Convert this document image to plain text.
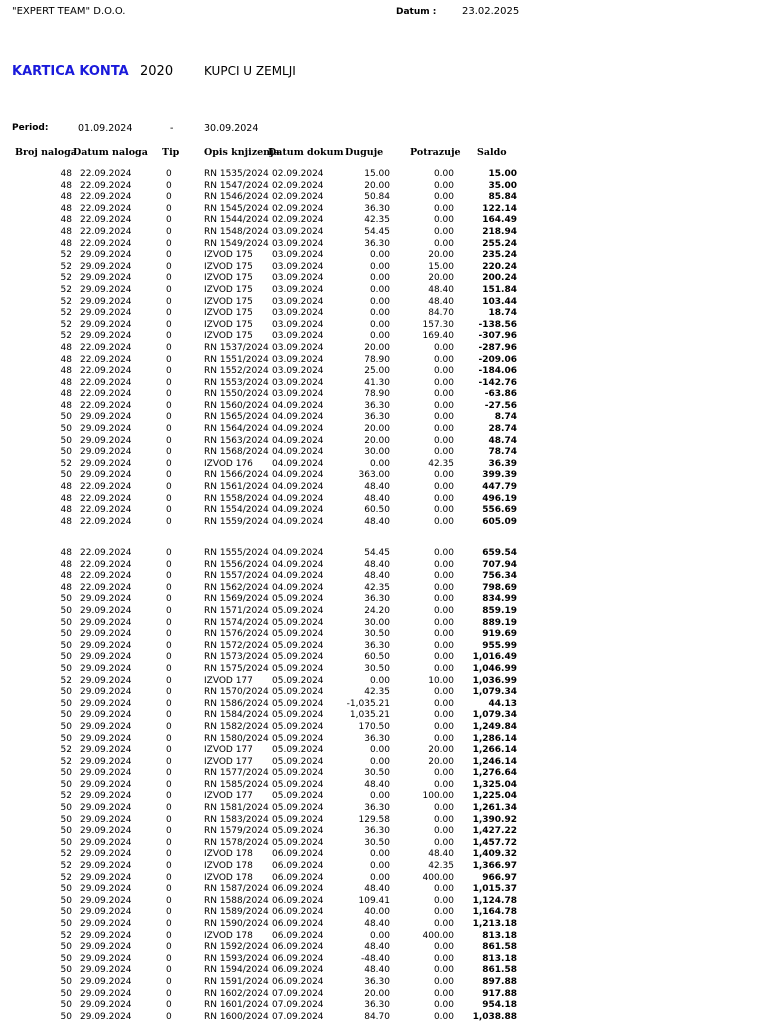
"EXPERT TEAM" D.O.O.	Datum :	23.02.2025
KARTICA KONTA 2020	KUPCI U ZEMLJI
Period:	01.09.2024	-	30.09.2024
Broj naloga
Datum naloga Tip	Opis knjizenja
Datum dokum Duguje	Potrazuje Saldo
48 22.09.2024	0	RN 1535/2024 02.09.2024	15.00	0.00	15.00
48 22.09.2024	0	RN 1547/2024 02.09.2024	20.00	0.00	35.00
48 22.09.2024	0	RN 1546/2024 02.09.2024	50.84	0.00	85.84
48 22.09.2024	0	RN 1545/2024 02.09.2024	36.30	0.00	122.14
48 22.09.2024	0	RN 1544/2024 02.09.2024	42.35	0.00	164.49
48 22.09.2024	0	RN 1548/2024 03.09.2024	54.45	0.00	218.94
48 22.09.2024	0	RN 1549/2024 03.09.2024	36.30	0.00	255.24
52 29.09.2024	0	IZVOD 175	03.09.2024	0.00	20.00	235.24
52 29.09.2024	0	IZVOD 175	03.09.2024	0.00	15.00	220.24
52 29.09.2024	0	IZVOD 175	03.09.2024	0.00	20.00	200.24
52 29.09.2024	0	IZVOD 175	03.09.2024	0.00	48.40	151.84
52 29.09.2024	0	IZVOD 175	03.09.2024	0.00	48.40	103.44
52 29.09.2024	0	IZVOD 175	03.09.2024	0.00	84.70	18.74
52 29.09.2024	0	IZVOD 175	03.09.2024	0.00	157.30	-138.56
52 29.09.2024	0	IZVOD 175	03.09.2024	0.00	169.40	-307.96
48 22.09.2024	0	RN 1537/2024 03.09.2024	20.00	0.00	-287.96
48 22.09.2024	0	RN 1551/2024 03.09.2024	78.90	0.00	-209.06
48 22.09.2024	0	RN 1552/2024 03.09.2024	25.00	0.00	-184.06
48 22.09.2024	0	RN 1553/2024 03.09.2024	41.30	0.00	-142.76
48 22.09.2024	0	RN 1550/2024 03.09.2024	78.90	0.00	-63.86
48 22.09.2024	0	RN 1560/2024 04.09.2024	36.30	0.00	-27.56
50 29.09.2024	0	RN 1565/2024 04.09.2024	36.30	0.00	8.74
50 29.09.2024	0	RN 1564/2024 04.09.2024	20.00	0.00	28.74
50 29.09.2024	0	RN 1563/2024 04.09.2024	20.00	0.00	48.74
50 29.09.2024	0	RN 1568/2024 04.09.2024	30.00	0.00	78.74
52 29.09.2024	0	IZVOD 176	04.09.2024	0.00	42.35	36.39
50 29.09.2024	0	RN 1566/2024 04.09.2024	363.00	0.00	399.39
48 22.09.2024	0	RN 1561/2024 04.09.2024	48.40	0.00	447.79
48 22.09.2024	0	RN 1558/2024 04.09.2024	48.40	0.00	496.19
48 22.09.2024	0	RN 1554/2024 04.09.2024	60.50	0.00	556.69
48 22.09.2024	0	RN 1559/2024 04.09.2024	48.40	0.00	605.09
48 22.09.2024	0	RN 1555/2024 04.09.2024	54.45	0.00	659.54
48 22.09.2024	0	RN 1556/2024 04.09.2024	48.40	0.00	707.94
48 22.09.2024	0	RN 1557/2024 04.09.2024	48.40	0.00	756.34
48 22.09.2024	0	RN 1562/2024 04.09.2024	42.35	0.00	798.69
50 29.09.2024	0	RN 1569/2024 05.09.2024	36.30	0.00	834.99
50 29.09.2024	0	RN 1571/2024 05.09.2024	24.20	0.00	859.19
50 29.09.2024	0	RN 1574/2024 05.09.2024	30.00	0.00	889.19
50 29.09.2024	0	RN 1576/2024 05.09.2024	30.50	0.00	919.69
50 29.09.2024	0	RN 1572/2024 05.09.2024	36.30	0.00	955.99
50 29.09.2024	0	RN 1573/2024 05.09.2024	60.50	0.00	1,016.49
50 29.09.2024	0	RN 1575/2024 05.09.2024	30.50	0.00	1,046.99
52 29.09.2024	0	IZVOD 177	05.09.2024	0.00	10.00	1,036.99
50 29.09.2024	0	RN 1570/2024 05.09.2024	42.35	0.00	1,079.34
50 29.09.2024	0	RN 1586/2024 05.09.2024	-1,035.21	0.00	44.13
50 29.09.2024	0	RN 1584/2024 05.09.2024	1,035.21	0.00	1,079.34
50 29.09.2024	0	RN 1582/2024 05.09.2024	170.50	0.00	1,249.84
50 29.09.2024	0	RN 1580/2024 05.09.2024	36.30	0.00	1,286.14
52 29.09.2024	0	IZVOD 177	05.09.2024	0.00	20.00	1,266.14
52 29.09.2024	0	IZVOD 177	05.09.2024	0.00	20.00	1,246.14
50 29.09.2024	0	RN 1577/2024 05.09.2024	30.50	0.00	1,276.64
50 29.09.2024	0	RN 1585/2024 05.09.2024	48.40	0.00	1,325.04
52 29.09.2024	0	IZVOD 177	05.09.2024	0.00	100.00	1,225.04
50 29.09.2024	0	RN 1581/2024 05.09.2024	36.30	0.00	1,261.34
50 29.09.2024	0	RN 1583/2024 05.09.2024	129.58	0.00	1,390.92
50 29.09.2024	0	RN 1579/2024 05.09.2024	36.30	0.00	1,427.22
50 29.09.2024	0	RN 1578/2024 05.09.2024	30.50	0.00	1,457.72
52 29.09.2024	0	IZVOD 178	06.09.2024	0.00	48.40	1,409.32
52 29.09.2024	0	IZVOD 178	06.09.2024	0.00	42.35	1,366.97
52 29.09.2024	0	IZVOD 178	06.09.2024	0.00	400.00	966.97
50 29.09.2024	0	RN 1587/2024 06.09.2024	48.40	0.00	1,015.37
50 29.09.2024	0	RN 1588/2024 06.09.2024	109.41	0.00	1,124.78
50 29.09.2024	0	RN 1589/2024 06.09.2024	40.00	0.00	1,164.78
50 29.09.2024	0	RN 1590/2024 06.09.2024	48.40	0.00	1,213.18
52 29.09.2024	0	IZVOD 178	06.09.2024	0.00	400.00	813.18
50 29.09.2024	0	RN 1592/2024 06.09.2024	48.40	0.00	861.58
50 29.09.2024	0	RN 1593/2024 06.09.2024	-48.40	0.00	813.18
50 29.09.2024	0	RN 1594/2024 06.09.2024	48.40	0.00	861.58
50 29.09.2024	0	RN 1591/2024 06.09.2024	36.30	0.00	897.88
50 29.09.2024	0	RN 1602/2024 07.09.2024	20.00	0.00	917.88
50 29.09.2024	0	RN 1601/2024 07.09.2024	36.30	0.00	954.18
50 29.09.2024	0	RN 1600/2024 07.09.2024	84.70	0.00	1,038.88
